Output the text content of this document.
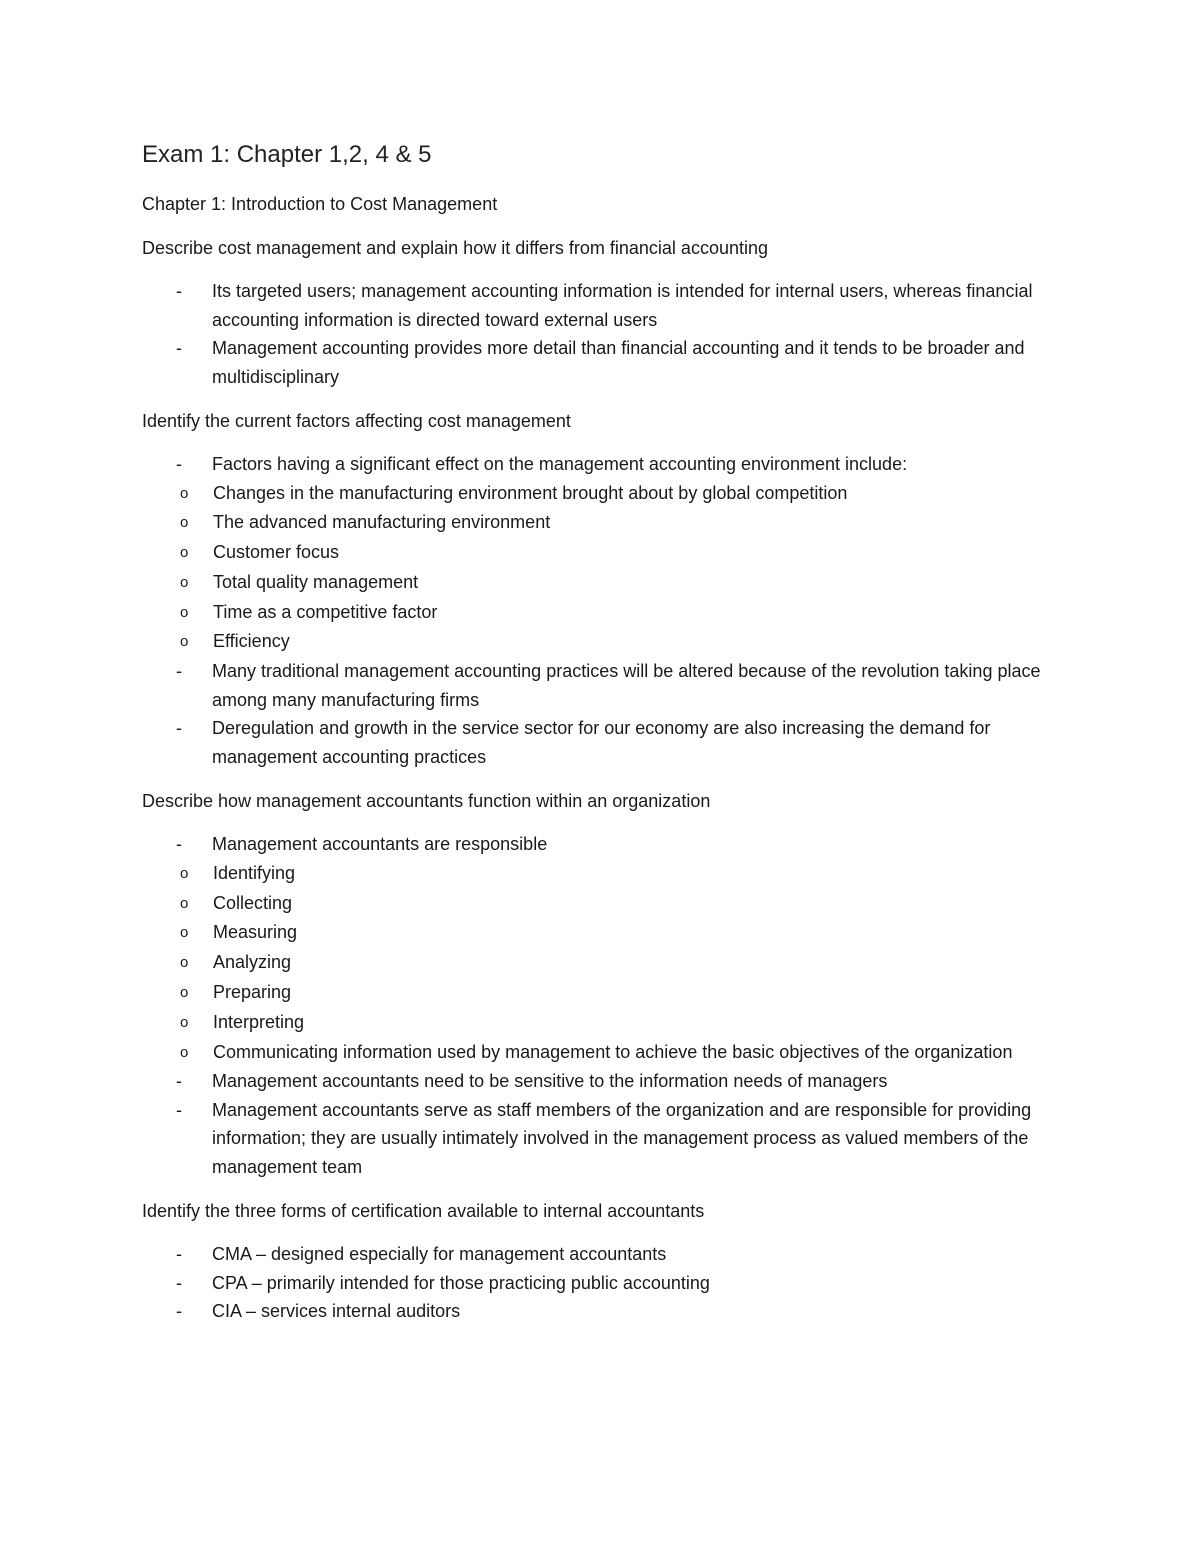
Exam 1: Chapter 1,2, 4 & 5

Chapter 1: Introduction to Cost Management

Describe cost management and explain how it differs from financial accounting

- Its targeted users; management accounting information is intended for internal users, whereas financial accounting information is directed toward external users
- Management accounting provides more detail than financial accounting and it tends to be broader and multidisciplinary

Identify the current factors affecting cost management

- Factors having a significant effect on the management accounting environment include:
o Changes in the manufacturing environment brought about by global competition
o The advanced manufacturing environment
o Customer focus
o Total quality management
o Time as a competitive factor
o Efficiency
- Many traditional management accounting practices will be altered because of the revolution taking place among many manufacturing firms
- Deregulation and growth in the service sector for our economy are also increasing the demand for management accounting practices

Describe how management accountants function within an organization

- Management accountants are responsible
o Identifying
o Collecting
o Measuring
o Analyzing
o Preparing
o Interpreting
o Communicating information used by management to achieve the basic objectives of the organization
- Management accountants need to be sensitive to the information needs of managers
- Management accountants serve as staff members of the organization and are responsible for providing information; they are usually intimately involved in the management process as valued members of the management team

Identify the three forms of certification available to internal accountants

- CMA – designed especially for management accountants
- CPA – primarily intended for those practicing public accounting
- CIA – services internal auditors
